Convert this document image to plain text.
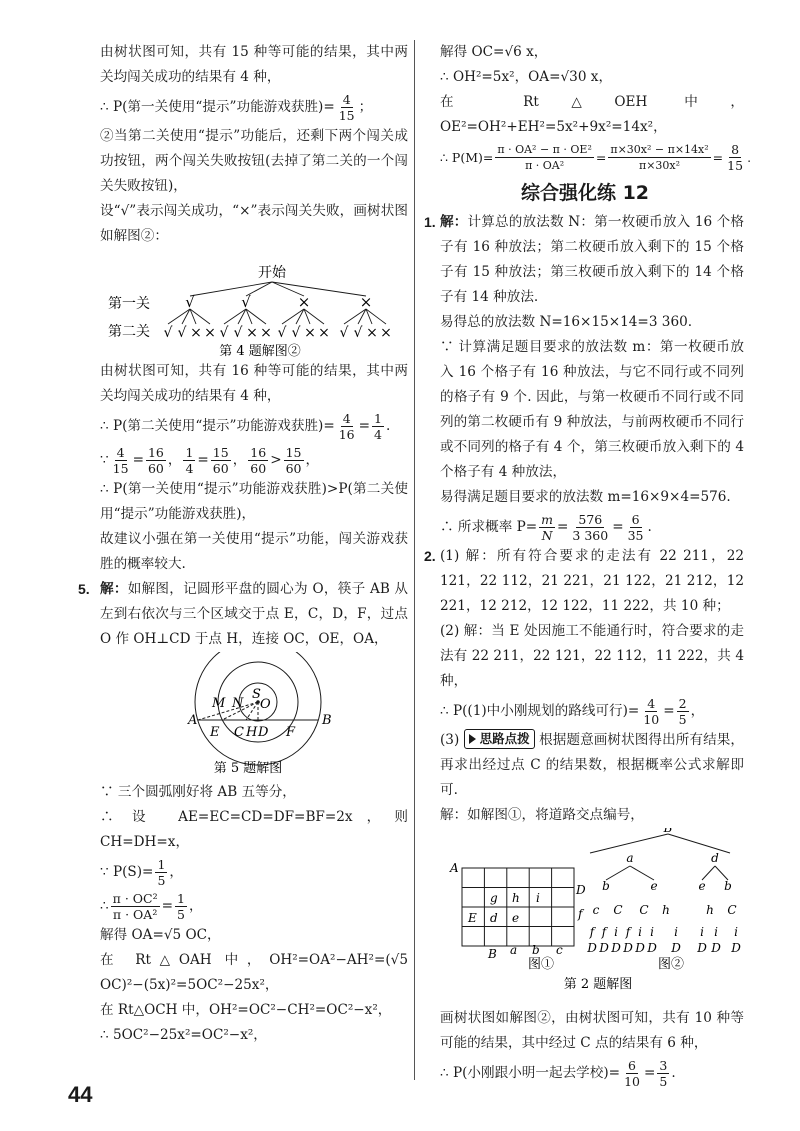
由树状图可知，共有 15 种等可能的结果，其中两关均闯关成功的结果有 4 种，

∴ P(第一关使用“提示”功能游戏获胜)= $\frac{4}{15}$ ；

②当第二关使用“提示”功能后，还剩下两个闯关成功按钮，两个闯关失败按钮(去掉了第二关的一个闯关失败按钮)，

设“√”表示闯关成功，“×”表示闯关失败，画树状图如解图②：

开始
第一关
第二关
√	√	×	×
√ √ × × √ √ × × √ √ × × √ √ × ×
第 4 题解图②

由树状图可知，共有 16 种等可能的结果，其中两关均闯关成功的结果有 4 种，

∴ P(第二关使用“提示”功能游戏获胜)= $\frac{4}{16} = \frac{1}{4}$ .
∵ $\frac{4}{15} = \frac{16}{60}$ ， $\frac{1}{4} = \frac{15}{60}$ ， $\frac{16}{60} > \frac{15}{60}$ ，

∴ P(第一关使用“提示”功能游戏获胜)>P(第二关使用“提示”功能游戏获胜)，

故建议小强在第一关使用“提示”功能，闯关游戏获胜的概率较大.

5. 解：如解图，记圆形平盘的圆心为 O，筷子 AB 从左到右依次与三个区域交于点 E，C，D，F，过点 O 作 OH⊥CD 于点 H，连接 OC，OE，OA，

M N
S
O
A
E C H D F
B
第 5 题解图

∵ 三个圆弧刚好将 AB 五等分，

∴ 设 AE=EC=CD=DF=BF=2x，则 CH=DH=x，

∵ $P(S)= \frac{1}{5}$ ，
∴ $\frac{\text{π · OC²}}{\text{π · OA²}} = \frac{1}{5}$ ，

解得 OA=√5 OC，

在 Rt△OAH 中，OH²=OA²−AH²=(√5 OC)²−(5x)²=5OC²−25x²，

在 Rt△OCH 中，OH²=OC²−CH²=OC²−x²，

∴ 5OC²−25x²=OC²−x²，

解得 OC=√6 x，

∴ OH²=5x²，OA=√30 x，

在 Rt△OEH 中，OE²=OH²+EH²=5x²+9x²=14x²，

∴ $P(M)= \frac{\text{π · OA² − π · OE²}}{\text{π · OA²}} = \frac{\text{π×30x² − π×14x²}}{\text{π×30x²}} = \frac{8}{15}$ .
综合强化练 12
1. 解：计算总的放法数 N：第一枚硬币放入 16 个格子有 16 种放法；第二枚硬币放入剩下的 15 个格子有 15 种放法；第三枚硬币放入剩下的 14 个格子有 14 种放法.

易得总的放法数 N=16×15×14=3 360.

∵ 计算满足题目要求的放法数 m：第一枚硬币放入 16 个格子有 16 种放法，与它不同行或不同列的格子有 9 个. 因此，与第一枚硬币不同行或不同列的第二枚硬币有 9 种放法，与前两枚硬币不同行或不同列的格子有 4 个，第三枚硬币放入剩下的 4 个格子有 4 种放法，

易得满足题目要求的放法数 m=16×9×4=576.

∴ 所求概率 $P= \frac{m}{N} = \frac{576}{3 360} = \frac{6}{35}$ .
2. (1) 解：所有符合要求的走法有 22 211，22 121，22 112，21 221，21 122，21 212，12 221，12 212，12 122，11 222，共 10 种；

(2) 解：当 E 处因施工不能通行时，符合要求的走法有 22 211，22 121，22 112，11 222，共 4 种，

∴ P((1)中小刚规划的路线可行)= $\frac{4}{10} = \frac{2}{5}$ ，

(3) 思路点拨 根据题意画树状图得出所有结果，再求出经过点 C 的结果数，根据概率公式求解即可.

解：如解图①，将道路交点编号，

A
g h i
D
f
E d e
B a b c
B
a	d
b	e	e b
c C C h	h C
f f i f i i i i i i
D D D D D D D D D D
图①	图②
第 2 题解图

画树状图如解图②，由树状图可知，共有 10 种等可能的结果，其中经过 C 点的结果有 6 种，

∴ P(小刚跟小明一起去学校)= $\frac{6}{10} = \frac{3}{5}$ .
44
